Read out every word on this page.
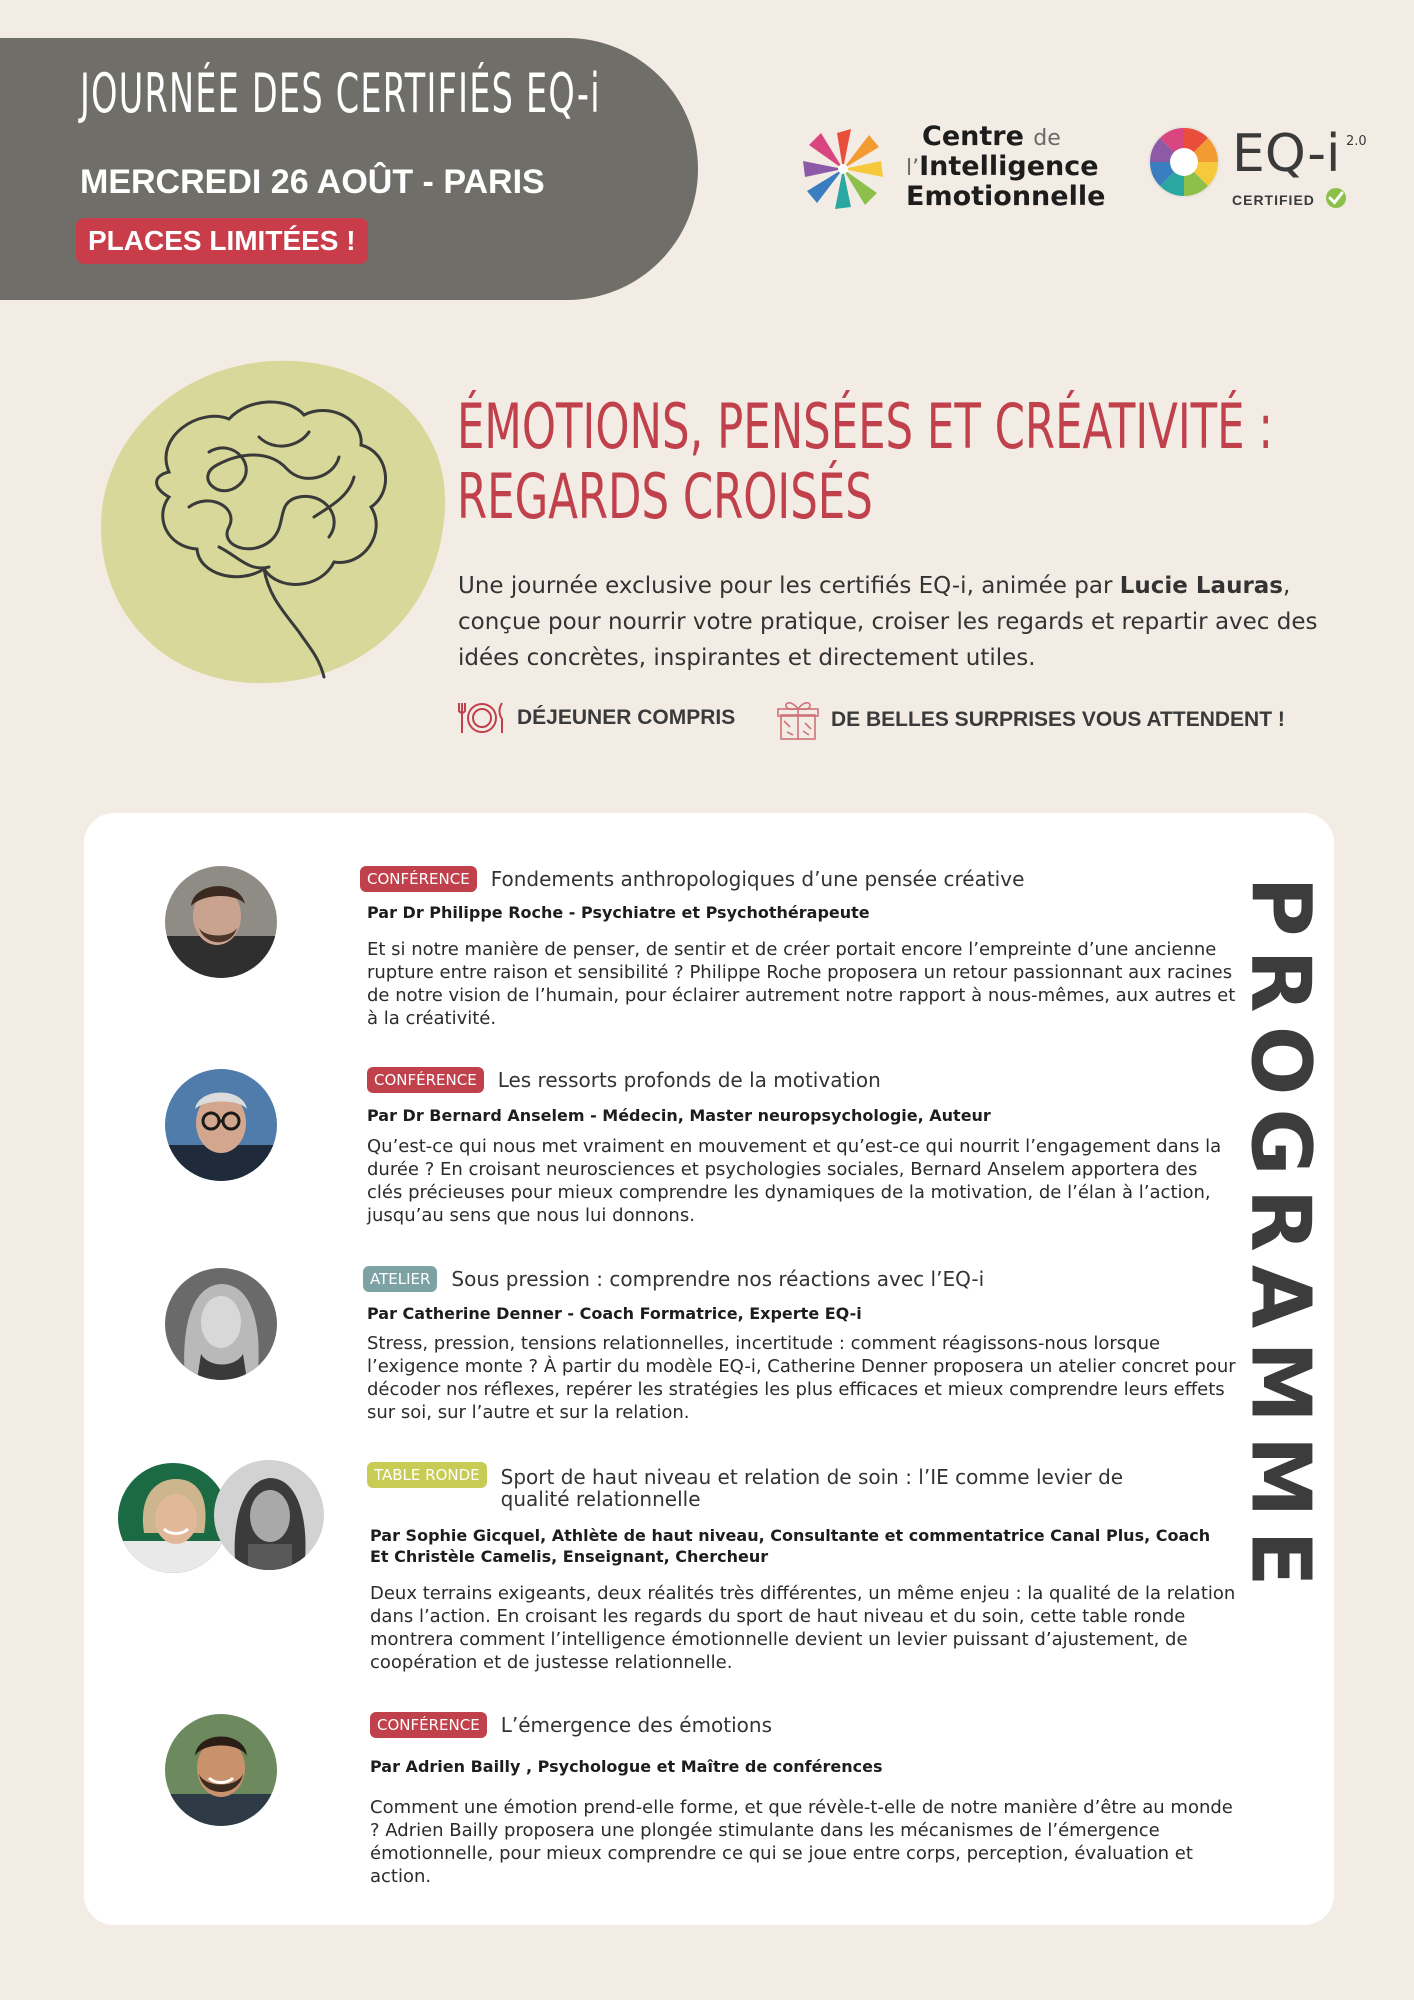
JOURNÉE DES CERTIFIÉS EQ-i
MERCREDI 26 AOÛT - PARIS
PLACES LIMITÉES !
Centre de
l’Intelligence
Emotionnelle
EQ-i 2.0
CERTIFIED
ÉMOTIONS, PENSÉES ET CRÉATIVITÉ :
REGARDS CROISÉS

Une journée exclusive pour les certifiés EQ-i, animée par Lucie Lauras, conçue pour nourrir votre pratique, croiser les regards et repartir avec des idées concrètes, inspirantes et directement utiles.

DÉJEUNER COMPRIS	DE BELLES SURPRISES VOUS ATTENDENT !
PROGRAMME
CONFÉRENCE	Fondements anthropologiques d’une pensée créative
Par Dr Philippe Roche - Psychiatre et Psychothérapeute
Et si notre manière de penser, de sentir et de créer portait encore l’empreinte d’une ancienne rupture entre raison et sensibilité ? Philippe Roche proposera un retour passionnant aux racines de notre vision de l’humain, pour éclairer autrement notre rapport à nous-mêmes, aux autres et à la créativité.
CONFÉRENCE	Les ressorts profonds de la motivation
Par Dr Bernard Anselem - Médecin, Master neuropsychologie, Auteur
Qu’est-ce qui nous met vraiment en mouvement et qu’est-ce qui nourrit l’engagement dans la durée ? En croisant neurosciences et psychologies sociales, Bernard Anselem apportera des clés précieuses pour mieux comprendre les dynamiques de la motivation, de l’élan à l’action, jusqu’au sens que nous lui donnons.
ATELIER	Sous pression : comprendre nos réactions avec l’EQ-i
Par Catherine Denner - Coach Formatrice, Experte EQ-i
Stress, pression, tensions relationnelles, incertitude : comment réagissons-nous lorsque l’exigence monte ? À partir du modèle EQ-i, Catherine Denner proposera un atelier concret pour décoder nos réflexes, repérer les stratégies les plus efficaces et mieux comprendre leurs effets sur soi, sur l’autre et sur la relation.
TABLE RONDE	Sport de haut niveau et relation de soin : l’IE comme levier de qualité relationnelle
Par Sophie Gicquel, Athlète de haut niveau, Consultante et commentatrice Canal Plus, Coach
Et Christèle Camelis, Enseignant, Chercheur
Deux terrains exigeants, deux réalités très différentes, un même enjeu : la qualité de la relation dans l’action. En croisant les regards du sport de haut niveau et du soin, cette table ronde montrera comment l’intelligence émotionnelle devient un levier puissant d’ajustement, de coopération et de justesse relationnelle.
CONFÉRENCE	L’émergence des émotions
Par Adrien Bailly , Psychologue et Maître de conférences
Comment une émotion prend-elle forme, et que révèle-t-elle de notre manière d’être au monde ? Adrien Bailly proposera une plongée stimulante dans les mécanismes de l’émergence émotionnelle, pour mieux comprendre ce qui se joue entre corps, perception, évaluation et action.
